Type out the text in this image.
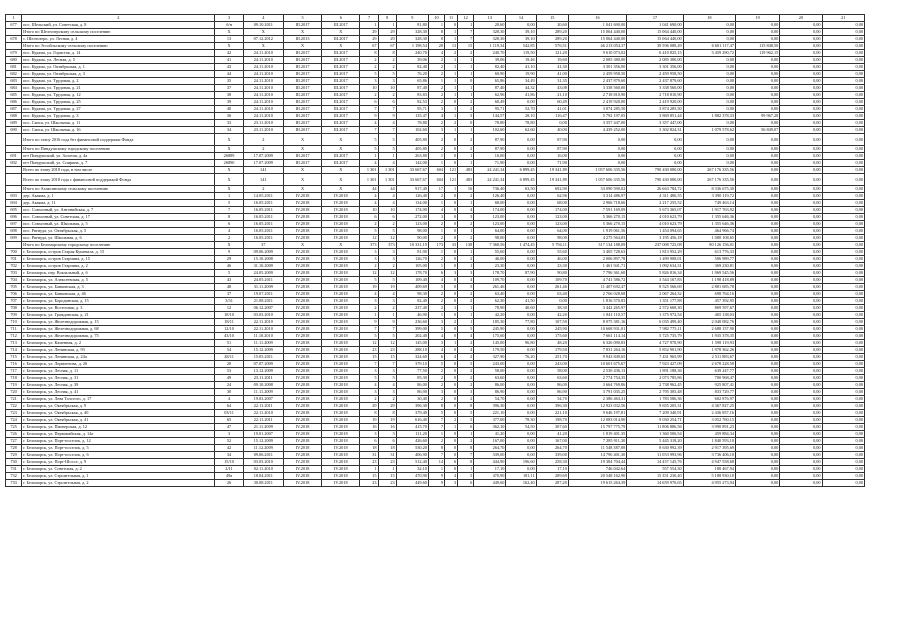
1	2	3	4	5	6	7	8	9	10	11	12	13	14	15	16	17	18	19	20	21
677	пос. Шельский, ул. Советская, д. 8	б/н	09.10.2011	III.2017	III.2017	1	1	81,80	1	0	1	20,60	0,00	20,60	1 041 690,00	1 041 690,00	0,00	0,00	0,00	0,00
	Итого по Шелтозерскому сельскому поселению	X	X	X	X	29	29	328,30	8	1	7	328,30	39,10	289,20	15 064 440,00	15 064 440,00	0,00	0,00	0,00	0,00
678	с. Шелтозеро, ул. Лесная, д. 4	13	07.12.2012	III.2013	III.2017	29	29	328,30	8	1	7	328,30	39,10	289,20	15 064 440,00	15 064 440,00	0,00	0,00	0,00	0,00
	Итого по Эссойльскому сельскому поселению	X	X	X	X	67	67	1 198,54	28	13	15	1 119,34	542,85	576,51	46 213 054,37	39 596 088,49	6 601 117,47	115 848,50	0,00	0,00
679	пос. Кудама, ул. Гористая, д. 14	42	24.11.2010	III.2017	III.2017	8	8	240,70	4	2	2	240,70	119,50	121,20	9 610 073,02	6 410 825,15	3 459 290,72	119 962,15	0,00	0,00
680	пос. Кудама, ул. Лесная, д. 5	41	24.11.2010	III.2017	III.2017	2	2	39,06	2	1	1	39,06	19,46	19,60	2 085 380,00	2 085 380,00	0,00	0,00	0,00	0,00
681	пос. Кудама, ул. Октябрьская, д. 1	43	24.11.2010	III.2017	III.2017	2	2	82,40	2	1	1	82,40	41,10	41,30	3 301 356,00	3 301 356,00	0,00	0,00	0,00	0,00
682	пос. Кудама, ул. Октябрьская, д. 3	44	24.11.2010	III.2017	III.2017	5	5	76,20	2	1	1	60,90	19,90	41,00	2 459 958,50	2 459 958,50	0,00	0,00	0,00	0,00
683	пос. Кудама, ул. Трудовая, д. 2	35	24.11.2010	III.2017	III.2017	3	3	65,86	1	1	0	65,86	34,49	31,35	2 437 879,60	2 437 879,60	0,00	0,00	0,00	0,00
684	пос. Кудама, ул. Трудовая, д. 21	37	24.11.2010	III.2017	III.2017	10	10	87,40	2	1	1	87,40	44,32	43,08	3 338 560,00	3 338 560,00	0,00	0,00	0,00	0,00
685	пос. Кудама, ул. Трудовая, д. 12	38	24.11.2010	III.2017	III.2017	2	2	83,83	2	1	1	62,96	41,86	21,10	2 718 810,90	2 718 810,90	0,00	0,00	0,00	0,00
686	пос. Кудама, ул. Трудовая, д. 25	39	24.11.2010	III.2017	III.2017	6	6	82,53	2	0	2	60,49	0,00	60,49	2 419 920,00	2 419 920,00	0,00	0,00	0,00	0,00
687	пос. Кудама, ул. Трудовая, д. 27	40	24.11.2010	III.2017	III.2017	7	7	95,71	3	1	2	95,71	52,70	41,01	3 874 285,50	3 874 285,50	0,00	0,00	0,00	0,00
688	пос. Кудама, ул. Трудовая, д. 3	36	24.11.2010	III.2017	III.2017	9	9	135,47	4	1	3	144,57	28,10	116,47	5 792 197,05	3 869 851,44	1 882 378,33	99 967,28	0,00	0,00
689	пос. Сяпся, ул. Школьная, д. 11	33	23.11.2010	III.2017	III.2017	4	4	78,80	2	2	0	78,80	78,80	0,00	3 357 447,00	3 357 447,00	0,00	0,00	0,00	0,00
690	пос. Сяпся, ул. Школьная, д. 16	34	23.11.2010	III.2017	III.2017	7	7	102,60	3	1	1	102,60	62,60	40,00	4 439 252,00	3 302 824,31	1 079 578,62	56 849,07	0,00	0,00
	Итого по этапу 2016 года без финансовой поддержки Фонда	X	2	X	X	5	5	405,80	2	0	2	87,90	0,00	87,90	0,00	0,00	0,00	0,00	0,00	0,00
	Итого по Пиндушскому городскому поселению	X	2	X	X	5	5	405,80	2	0	2	87,90	0,00	87,90	0,00	0,00	0,00	0,00	0,00	0,00
691	пгт Пиндушский, ул. Золотая, д. 4а	26889	17.07.2009	III.2017	III.2017	1	1	263,80	1	0	1	16,00	0,00	16,00	0,00	0,00	0,00	0,00	0,00	0,00
692	пгт Пиндушский, ул. Спирина, д. 7	26890	17.07.2009	III.2017	III.2017	4	4	142,00	1	0	1	71,90	0,00	71,90	0,00	0,00	0,00	0,00	0,00	0,00
	Всего по этапу 2018 года, в том числе	X	141	X	X	1 301	1 301	33 667,67	604	121	483	24 241,34	6 899,45	19 341,89	1 057 606 335,56	790 430 080,00	267 176 335,56	0,00	0,00	0,00
	Всего по этапу 2018 года с финансовой поддержкой Фонда	X	141	X	X	1 301	1 301	33 667,67	604	121	483	24 241,34	6 899,45	19 341,89	1 057 606 335,56	790 430 080,00	267 176 335,56	0,00	0,00	0,00
	Итого по Ахаксинскому сельскому поселению	X	2	X	X	44	44	917,40	17	1	16	736,40	63,50	692,90	33 090 590,02	26 663 784,72	8 336 675,30	0,00	0,00	0,00
693	дер. Акаяма, д. 1	1	14.05.2011	IV.2018	IV.2018	4	4	126,40	2	0	2	126,40	0,00	62,96	3 314 486,97	4 311 486,55	3 390 119,72	0,00	0,00	0,00
694	дер. Акаяма, д. 11	5	16.05.2011	IV.2018	IV.2018	4	4	134,00	1	0	1	68,00	0,00	68,00	2 966 718,66	2 217 255,52	749 463,14	0,00	0,00	0,00
695	пос. Совхозный, ул. Антонийская, д. 7	7	16.05.2011	IV.2018	IV.2018	10	10	174,00	4	0	4	174,00	0,00	174,00	7 591 169,09	5 673 365,07	1 917 763,92	0,00	0,00	0,00
696	пос. Совхозный, ул. Советская, д. 17	8	16.05.2011	IV.2018	IV.2018	6	6	272,00	3	0	3	123,00	0,00	123,00	5 366 270,15	4 010 623,79	1 355 646,36	0,00	0,00	0,00
697	пос. Совхозный, ул. Школьная, д. 5	6	16.05.2011	IV.2018	IV.2018	2	2	123,00	2	0	2	123,00	0,00	123,00	5 366 270,15	4 010 623,79	1 355 646,36	0,00	0,00	0,00
698	пос. Ригвуда, ул. Октябрьская, д. 5	4	16.05.2011	IV.2018	IV.2018	5	5	98,00	1	0	1	64,00	0,00	64,00	1 919 061,56	1 454 094,65	464 966,74	0,00	0,00	0,00
699	пос. Ригвуда, ул. Школьная, д. 6	2	16.05.2011	IV.2018	IV.2018	12	12	90,00	2	0	2	98,00	0,00	98,00	4 275 564,83	3 195 456,18	1 080 108,65	0,00	0,00	0,00
	Итого по Беломорскому городскому поселению	X	37	X	X	373	373	10 331,19	173	33	138	7 368,56	1 474,45	5 794,11	317 134 188,09	237 008 725,08	80 126 156,01	0,00	0,00	0,00
700	г. Беломорск, остров Старая Кушевала, д. 15	9	09.06.2009	IV.2018	IV.2018	3	3	81,90	1	0	1	55,60	0,00	55,60	3 405 728,63	1 813 952,29	613 776,33	0,00	0,00	0,00
701	г. Беломорск, остров Старчина, д. 15	29	15.10.2008	IV.2018	IV.2018	3	3	126,70	2	0	2	46,00	0,00	46,00	2 006 897,78	1 499 908,01	506 989,77	0,00	0,00	0,00
702	г. Беломорск, остров Старчина, д. 2	46	31.10.2009	IV.2018	IV.2018	2	2	105,00	1	0	1	23,30	0,00	23,30	1 461 941,71	1 092 634,31	369 230,81	0,00	0,00	0,00
703	г. Беломорск, пер. Вокзальный, д. 6	5	24.05.2009	IV.2018	IV.2018	12	12	178,70	6	3	3	178,70	87,90	90,80	7 796 361,60	5 826 816,34	1 969 545,56	0,00	0,00	0,00
704	г. Беломорск, ул. Алексеевская, д. 5	43	24.05.2011	IV.2018	IV.2018	5	5	109,40	4	0	4	109,70	0,00	109,70	4 741 586,72	3 544 167,83	1 198 418,89	0,00	0,00	0,00
705	г. Беломорск, ул. Банковская, д. 3	48	31.11.2009	IV.2018	IV.2018	19	19	409,69	5	0	5	261,46	0,00	261,46	11 407 692,47	8 525 566,69	2 881 685,78	0,00	0,00	0,00
706	г. Беломорск, ул. Банковская, д. 46	37	19.07.2011	IV.2018	IV.2018	4	4	98,30	2	0	2	63,40	0,00	63,40	2 766 028,68	2 067 264,32	698 764,16	0,00	0,00	0,00
707	г. Беломорск, ул. Бородинская, д. 15	3/31	21.08.2011	IV.2018	IV.2018	3	3	82,40	2	0	2	62,30	41,50	0,00	1 816 570,83	1 351 177,88	457 392,95	0,00	0,00	0,00
708	г. Беломорск, ул. Восточная, д. 3	12	06.12.2007	IV.2018	IV.2018	2	2	237,40	2	1	1	78,90	40,60	38,30	3 442 265,97	2 572 668,30	869 597,67	0,00	0,00	0,00
709	г. Беломорск, ул. Гражданская, д. 21	18/10	03.03.2010	IV.2018	IV.2018	1	1	46,90	1	0	1	42,20	0,00	42,20	1 841 110,57	1 375 972,54	465 138,03	0,00	0,00	0,00
710	г. Беломорск, ул. Железнодорожная, д. 15	18/11	22.11.2010	IV.2018	IV.2018	9	9	236,60	3	2	1	185,30	77,80	107,50	8 075 381,16	6 035 499,40	2 040 082,76	0,00	0,00	0,00
711	г. Беломорск, ул. Железнодорожная, д. 68	12/10	22.11.2010	IV.2018	IV.2018	7	7	399,00	5	0	5	245,90	0,00	245,90	10 668 931,01	7 982 775,11	2 688 157,90	0,00	0,00	0,00
712	г. Беломорск, ул. Железнодорожная, д. 75	43/10	11.10.2010	IV.2018	IV.2018	5	5	202,40	4	0	4	175,60	0,00	175,60	7 661 114,14	5 725 735,79	1 935 378,35	0,00	0,00	0,00
713	г. Беломорск, ул. Каменная, д. 2	51	11.11.2009	IV.2018	IV.2018	12	12	145,00	3	1	2	145,00	96,80	48,20	6 326 090,83	4 727 970,90	1 598 119,93	0,00	0,00	0,00
714	г. Беломорск, ул. Ленинская, д. 93	54	15.12.2009	IV.2018	IV.2018	23	23	288,10	4	0	4	179,50	0,00	179,50	7 831 264,16	5 852 901,90	1 978 362,26	0,00	0,00	0,00
715	г. Беломорск, ул. Ленинская, д. 24а	28/11	15.05.2011	IV.2018	IV.2018	15	15	324,60	6	4	2	327,90	76,20	251,70	9 943 849,65	7 431 965,99	2 511 883,67	0,00	0,00	0,00
716	г. Беломорск, ул. Лермонтова, д. 26	20	07.07.2009	IV.2018	IV.2018	7	7	379,10	5	0	5	243,00	0,00	243,00	10 601 675,67	7 923 427,09	2 678 228,58	0,00	0,00	0,00
717	г. Беломорск, ул. Лесная, д. 11	53	13.12.2009	IV.2018	IV.2018	3	3	77,50	2	0	2	58,00	0,00	58,00	2 530 436,13	1 891 188,36	639 247,77	0,00	0,00	0,00
718	г. Беломорск, ул. Лесная, д. 31	49	23.11.2011	IV.2018	IV.2018	5	5	85,30	2	0	2	63,60	0,00	63,60	2 774 754,35	2 073 785,86	700 968,47	0,00	0,00	0,00
719	г. Беломорск, ул. Лесная, д. 39	24	09.10.2008	IV.2018	IV.2018	4	4	86,00	2	0	2	86,00	0,00	86,00	3 664 769,86	2 738 962,45	925 807,41	0,00	0,00	0,00
720	г. Беломорск, ул. Лесная, д. 41	30	11.11.2009	IV.2018	IV.2018	3	3	86,90	3	0	3	86,90	0,00	86,90	3 791 035,25	2 795 305,48	833 729,77	0,00	0,00	0,00
721	г. Беломорск, ул. Лева Толстого, д. 17	4	19.03.2007	IV.2018	IV.2018	2	2	30,40	2	0	2	54,70	0,00	54,70	2 386 463,31	1 783 586,36	602 876,97	0,00	0,00	0,00
722	г. Беломорск, ул. Октябрьская, д. 9	64	22.11.2011	IV.2018	IV.2018	29	29	396,30	8	0	8	396,30	0,00	396,30	12 923 032,56	9 655 205,31	4 367 827,25	0,00	0,00	0,00
723	г. Беломорск, ул. Октябрьская, д. 40	03/11	22.11.2010	IV.2018	IV.2018	8	8	379,40	5	0	5	221,10	0,00	221,10	9 646 197,81	7 209 340,91	2 436 857,16	0,00	0,00	0,00
724	г. Беломорск, ул. Октябрьская, д. 41	65	22.11.2011	IV.2018	IV.2018	19	19	616,40	7	2	5	377,00	78,30	198,70	12 083 014,90	9 030 254,71	3 052 760,15	0,00	0,00	0,00
725	г. Беломорск, ул. Пионерская, д. 12	47	21.11.2009	IV.2018	IV.2018	16	16	415,70	7	1	6	362,10	54,50	307,60	15 797 775,79	11 806 886,56	3 990 891,23	0,00	0,00	0,00
726	г. Беломорск, ул. Первомайская, д. 14а	3	19.01.2007	IV.2018	IV.2018	3	3	111,20	1	0	1	41,20	0,00	41,20	1 819 401,35	1 360 506,54	459 884,34	0,00	0,00	0,00
727	г. Беломорск, ул. Порт-поселок, д. 12	52	15.12.2009	IV.2018	IV.2018	6	6	426,60	2	0	2	167,00	0,00	167,00	7 285 911,30	5 445 318,20	1 840 593,10	0,00	0,00	0,00
728	г. Беломорск, ул. Порт-поселок, д. 5	42	11.12.2009	IV.2018	IV.2018	18	18	530,20	8	0	8	264,70	0,00	264,70	11 548 387,08	8 630 992,39	2 917 395,69	0,00	0,00	0,00
729	г. Беломорск, ул. Порт-поселок, д. 6	34	09.06.2011	IV.2018	IV.2018	31	31	406,90	7	0	7	339,00	0,00	339,00	14 790 401,30	11 053 993,96	3 736 406,10	0,00	0,00	0,00
730	г. Беломорск, ул. Порт-Шоссе, д. 9	15/10	03.03.2010	IV.2018	IV.2018	23	23	512,40	14	6	8	444,90	196,60	258,30	19 384 704,44	14 457 145,76	4 947 558,68	0,00	0,00	0,00
731	г. Беломорск, ул. Советская, д. 2	2/11	02.11.2010	IV.2018	IV.2018	1	1	32,10	1	0	1	17,10	0,00	17,10	746 042,64	557 554,30	188 467,94	0,00	0,00	0,00
732	г. Беломорск, ул. Строительная, д. 1	49а	18.04.2011	IV.2018	IV.2018	15	15	470,90	9	4	5	470,90	181,11	289,69	20 548 162,90	15 351 230,40	5 188 930,10	0,00	0,00	0,00
733	г. Беломорск, ул. Строительная, д. 2	26	30.08.2011	IV.2018	IV.2018	23	23	449,60	9	3	6	449,60	162,40	287,20	19 615 264,39	14 659 970,65	4 955 273,94	0,00	0,00	0,00
